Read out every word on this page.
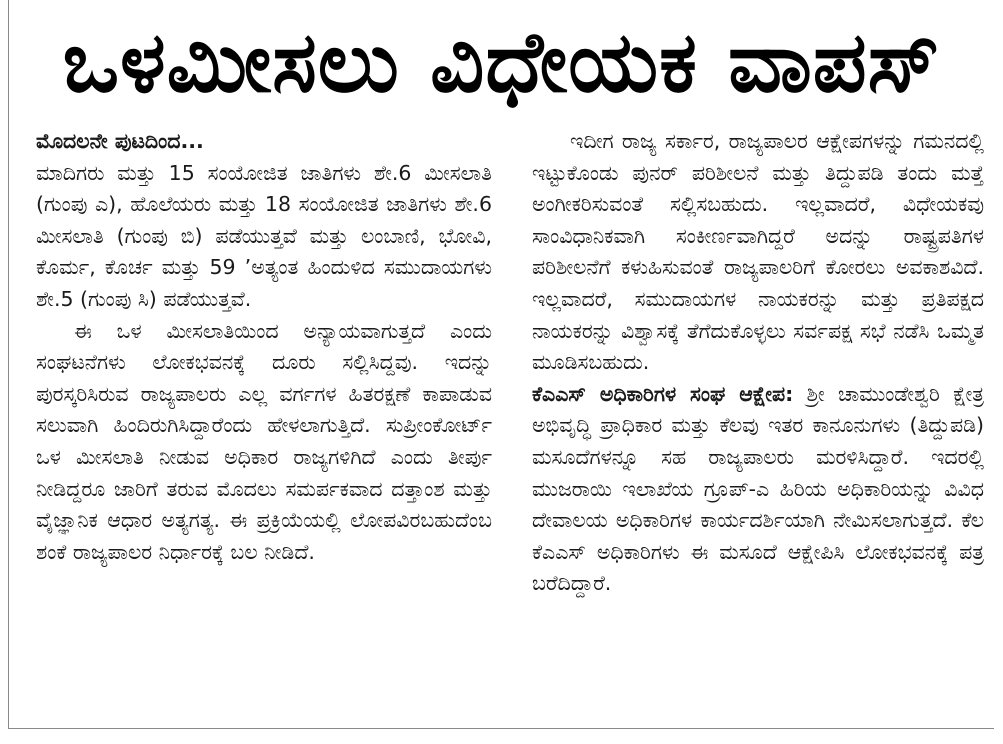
ಒಳಮೀಸಲು ವಿಧೇಯಕ ವಾಪಸ್

ಮೊದಲನೇ ಪುಟದಿಂದ...

ಮಾದಿಗರು ಮತ್ತು 15 ಸಂಯೋಜಿತ ಜಾತಿಗಳು ಶೇ.6 ಮೀಸಲಾತಿ (ಗುಂಪು ಎ), ಹೊಲೆಯರು ಮತ್ತು 18 ಸಂಯೋಜಿತ ಜಾತಿಗಳು ಶೇ.6 ಮೀಸಲಾತಿ (ಗುಂಪು ಬಿ) ಪಡೆಯುತ್ತವೆ ಮತ್ತು ಲಂಬಾಣಿ, ಭೋವಿ, ಕೊರ್ಮ, ಕೊರ್ಚ ಮತ್ತು 59 ’ಅತ್ಯಂತ ಹಿಂದುಳಿದ ಸಮುದಾಯಗಳು ಶೇ.5 (ಗುಂಪು ಸಿ) ಪಡೆಯುತ್ತವೆ.

ಈ ಒಳ ಮೀಸಲಾತಿಯಿಂದ ಅನ್ಯಾಯವಾಗುತ್ತದೆ ಎಂದು ಸಂಘಟನೆಗಳು ಲೋಕಭವನಕ್ಕೆ ದೂರು ಸಲ್ಲಿಸಿದ್ದವು. ಇದನ್ನು ಪುರಸ್ಕರಿಸಿರುವ ರಾಜ್ಯಪಾಲರು ಎಲ್ಲ ವರ್ಗಗಳ ಹಿತರಕ್ಷಣೆ ಕಾಪಾಡುವ ಸಲುವಾಗಿ ಹಿಂದಿರುಗಿಸಿದ್ದಾರೆಂದು ಹೇಳಲಾಗುತ್ತಿದೆ. ಸುಪ್ರೀಂಕೋರ್ಟ್ ಒಳ ಮೀಸಲಾತಿ ನೀಡುವ ಅಧಿಕಾರ ರಾಜ್ಯಗಳಿಗಿದೆ ಎಂದು ತೀರ್ಪು ನೀಡಿದ್ದರೂ ಜಾರಿಗೆ ತರುವ ಮೊದಲು ಸಮರ್ಪಕವಾದ ದತ್ತಾಂಶ ಮತ್ತು ವೈಜ್ಞಾನಿಕ ಆಧಾರ ಅತ್ಯಗತ್ಯ. ಈ ಪ್ರಕ್ರಿಯೆಯಲ್ಲಿ ಲೋಪವಿರಬಹುದೆಂಬ ಶಂಕೆ ರಾಜ್ಯಪಾಲರ ನಿರ್ಧಾರಕ್ಕೆ ಬಲ ನೀಡಿದೆ.

ಇದೀಗ ರಾಜ್ಯ ಸರ್ಕಾರ, ರಾಜ್ಯಪಾಲರ ಆಕ್ಷೇಪಗಳನ್ನು ಗಮನದಲ್ಲಿ ಇಟ್ಟುಕೊಂಡು ಪುನರ್ ಪರಿಶೀಲನೆ ಮತ್ತು ತಿದ್ದುಪಡಿ ತಂದು ಮತ್ತೆ ಅಂಗೀಕರಿಸುವಂತೆ ಸಲ್ಲಿಸಬಹುದು. ಇಲ್ಲವಾದರೆ, ವಿಧೇಯಕವು ಸಾಂವಿಧಾನಿಕವಾಗಿ ಸಂಕೀರ್ಣವಾಗಿದ್ದರೆ ಅದನ್ನು ರಾಷ್ಟ್ರಪತಿಗಳ ಪರಿಶೀಲನೆಗೆ ಕಳುಹಿಸುವಂತೆ ರಾಜ್ಯಪಾಲರಿಗೆ ಕೋರಲು ಅವಕಾಶವಿದೆ. ಇಲ್ಲವಾದರೆ, ಸಮುದಾಯಗಳ ನಾಯಕರನ್ನು ಮತ್ತು ಪ್ರತಿಪಕ್ಷದ ನಾಯಕರನ್ನು ವಿಶ್ವಾಸಕ್ಕೆ ತೆಗೆದುಕೊಳ್ಳಲು ಸರ್ವಪಕ್ಷ ಸಭೆ ನಡೆಸಿ ಒಮ್ಮತ ಮೂಡಿಸಬಹುದು.

ಕೆಎಎಸ್ ಅಧಿಕಾರಿಗಳ ಸಂಘ ಆಕ್ಷೇಪ: ಶ್ರೀ ಚಾಮುಂಡೇಶ್ವರಿ ಕ್ಷೇತ್ರ ಅಭಿವೃದ್ಧಿ ಪ್ರಾಧಿಕಾರ ಮತ್ತು ಕೆಲವು ಇತರ ಕಾನೂನುಗಳು (ತಿದ್ದುಪಡಿ) ಮಸೂದೆಗಳನ್ನೂ ಸಹ ರಾಜ್ಯಪಾಲರು ಮರಳಿಸಿದ್ದಾರೆ. ಇದರಲ್ಲಿ ಮುಜರಾಯಿ ಇಲಾಖೆಯ ಗ್ರೂಪ್-ಎ ಹಿರಿಯ ಅಧಿಕಾರಿಯನ್ನು ವಿವಿಧ ದೇವಾಲಯ ಅಧಿಕಾರಿಗಳ ಕಾರ್ಯದರ್ಶಿಯಾಗಿ ನೇಮಿಸಲಾಗುತ್ತದೆ. ಕೆಲ ಕೆಎಎಸ್ ಅಧಿಕಾರಿಗಳು ಈ ಮಸೂದೆ ಆಕ್ಷೇಪಿಸಿ ಲೋಕಭವನಕ್ಕೆ ಪತ್ರ ಬರೆದಿದ್ದಾರೆ.
